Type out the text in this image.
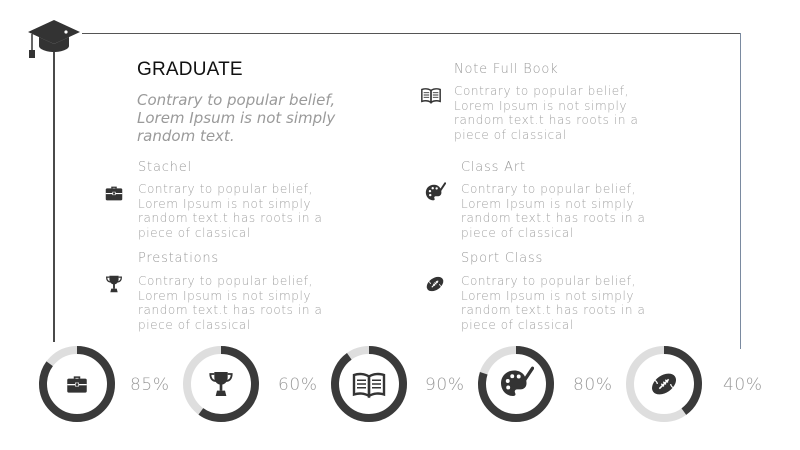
GRADUATE
Contrary to popular belief, Lorem Ipsum is not simply random text.
Stachel
Contrary to popular belief, Lorem Ipsum is not simply random text.t has roots in a piece of classical
Prestations
Contrary to popular belief, Lorem Ipsum is not simply random text.t has roots in a piece of classical
Note Full Book
Contrary to popular belief, Lorem Ipsum is not simply random text.t has roots in a piece of classical
Class Art
Contrary to popular belief, Lorem Ipsum is not simply random text.t has roots in a piece of classical
Sport Class
Contrary to popular belief, Lorem Ipsum is not simply random text.t has roots in a piece of classical
85%	60%	90%	80%	40%
